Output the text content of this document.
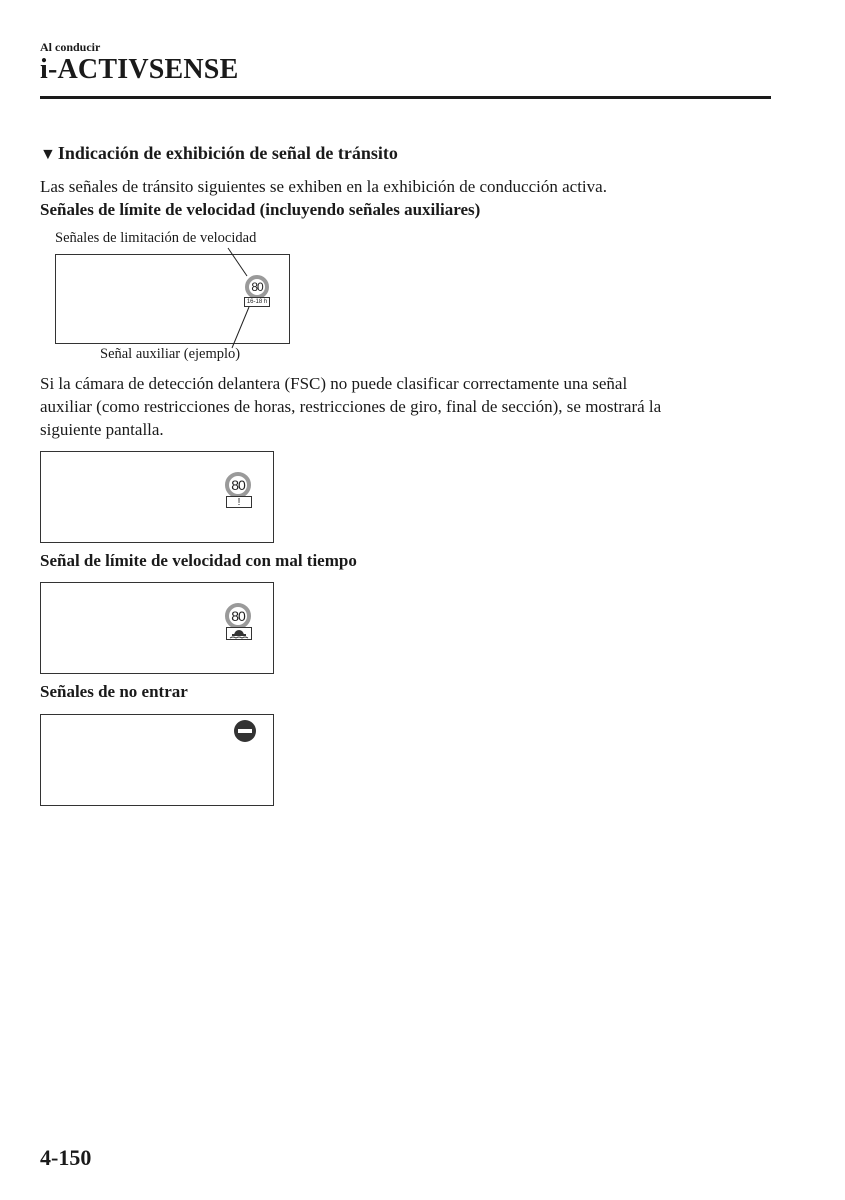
Al conducir
i-ACTIVSENSE
▼ Indicación de exhibición de señal de tránsito
Las señales de tránsito siguientes se exhiben en la exhibición de conducción activa.
Señales de límite de velocidad (incluyendo señales auxiliares)
Señales de limitación de velocidad
80
16-18 h
Señal auxiliar (ejemplo)
Si la cámara de detección delantera (FSC) no puede clasificar correctamente una señal
auxiliar (como restricciones de horas, restricciones de giro, final de sección), se mostrará la
siguiente pantalla.
80
!
Señal de límite de velocidad con mal tiempo
80
Señales de no entrar
4-150
